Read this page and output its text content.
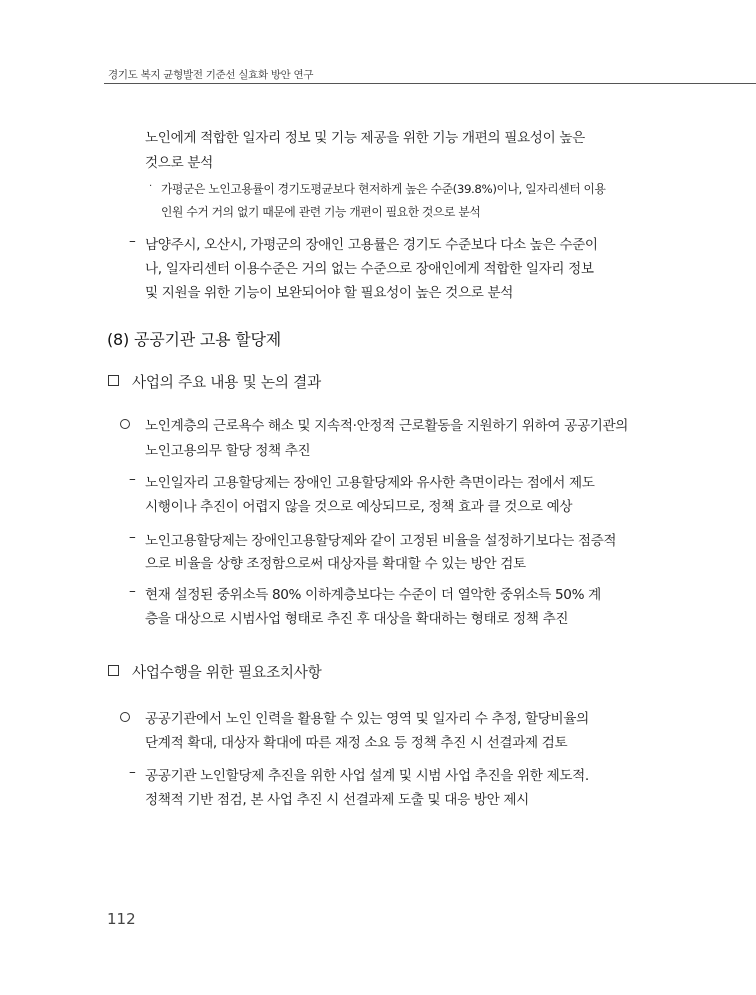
경기도 복지 균형발전 기준선 실효화 방안 연구
노인에게 적합한 일자리 정보 및 기능 제공을 위한 기능 개편의 필요성이 높은
것으로 분석
· 가평군은 노인고용률이 경기도평균보다 현저하게 높은 수준(39.8%)이나, 일자리센터 이용
인원 수거 거의 없기 때문에 관련 기능 개편이 필요한 것으로 분석
– 남양주시, 오산시, 가평군의 장애인 고용률은 경기도 수준보다 다소 높은 수준이
나, 일자리센터 이용수준은 거의 없는 수준으로 장애인에게 적합한 일자리 정보
및 지원을 위한 기능이 보완되어야 할 필요성이 높은 것으로 분석
(8) 공공기관 고용 할당제
사업의 주요 내용 및 논의 결과
노인계층의 근로욕수 해소 및 지속적·안정적 근로활동을 지원하기 위하여 공공기관의
노인고용의무 할당 정책 추진
– 노인일자리 고용할당제는 장애인 고용할당제와 유사한 측면이라는 점에서 제도
시행이나 추진이 어렵지 않을 것으로 예상되므로, 정책 효과 클 것으로 예상
– 노인고용할당제는 장애인고용할당제와 같이 고정된 비율을 설정하기보다는 점증적
으로 비율을 상향 조정함으로써 대상자를 확대할 수 있는 방안 검토
– 현재 설정된 중위소득 80% 이하계층보다는 수준이 더 열악한 중위소득 50% 계
층을 대상으로 시범사업 형태로 추진 후 대상을 확대하는 형태로 정책 추진
사업수행을 위한 필요조치사항
공공기관에서 노인 인력을 활용할 수 있는 영역 및 일자리 수 추정, 할당비율의
단계적 확대, 대상자 확대에 따른 재정 소요 등 정책 추진 시 선결과제 검토
– 공공기관 노인할당제 추진을 위한 사업 설계 및 시범 사업 추진을 위한 제도적.
정책적 기반 점검, 본 사업 추진 시 선결과제 도출 및 대응 방안 제시
112
